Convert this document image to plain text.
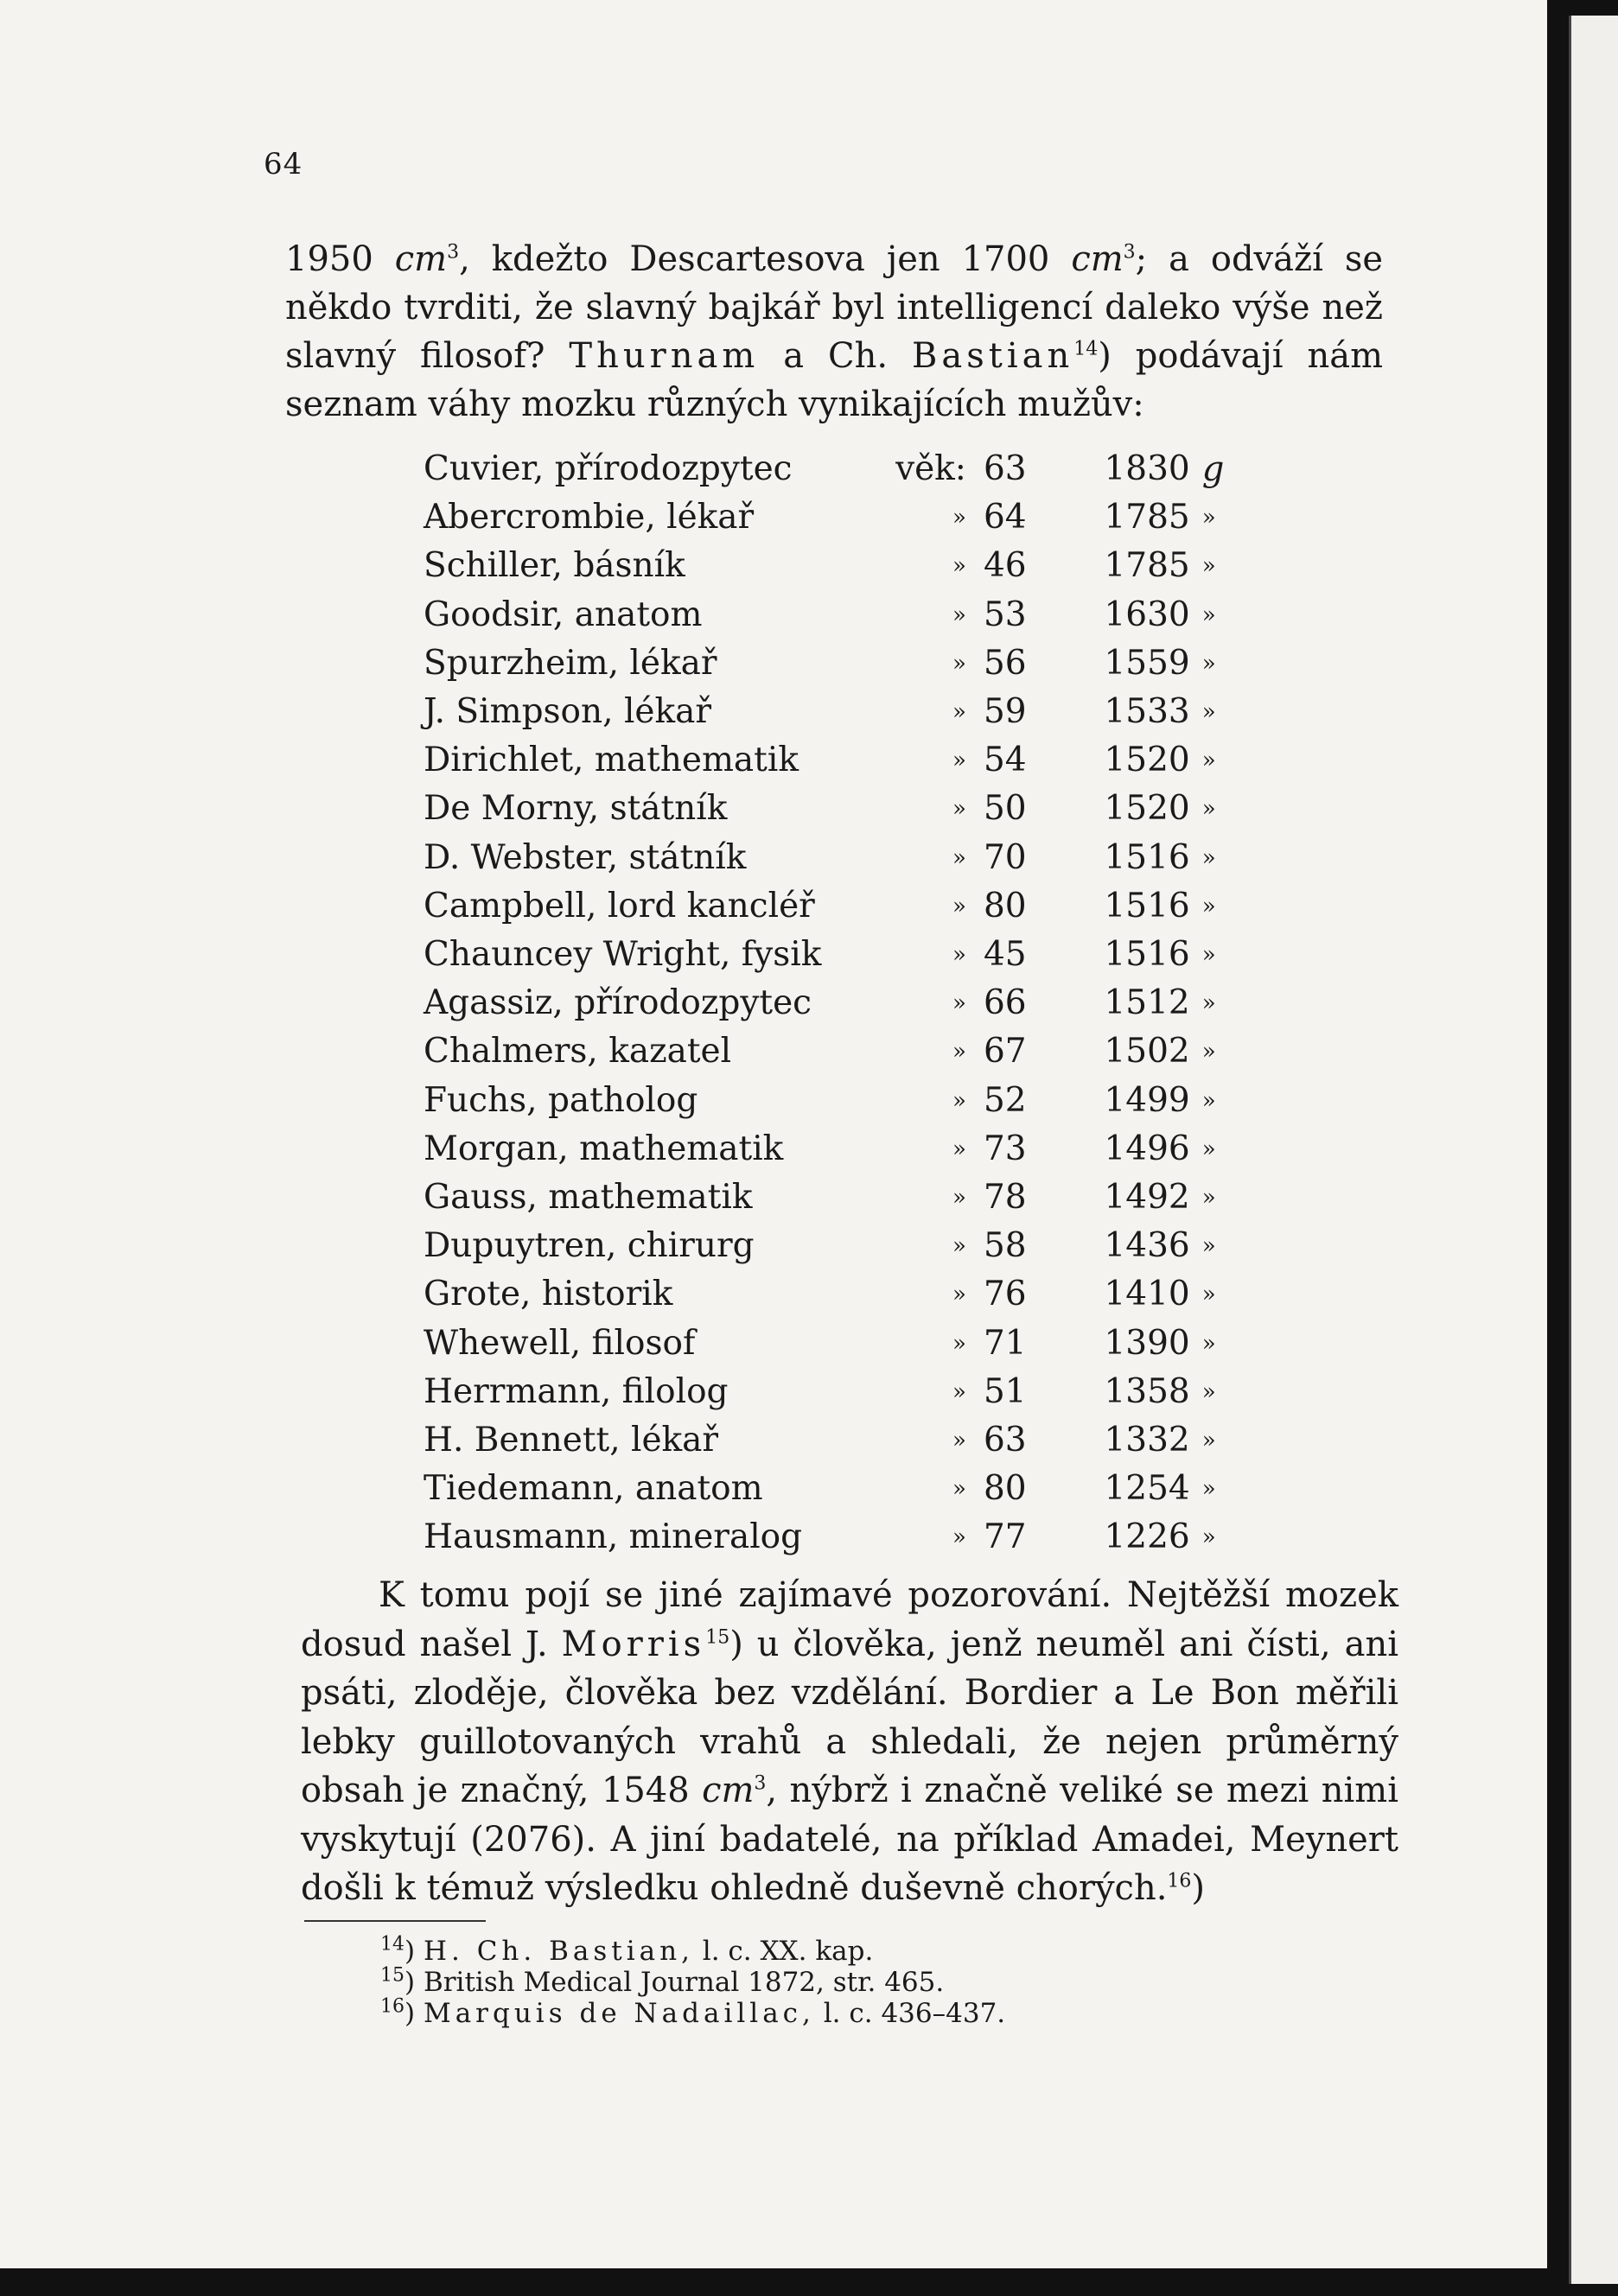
64

1950 $cm^3$, kdežto Descartesova jen 1700 $cm^3$; a odváží se někdo tvrditi, že slavný bajkář byl intelligencí daleko výše než slavný filosof? Thurnam a Ch. Bastian$^{14}$) podávají nám seznam váhy mozku různých vynikajících mužův:

Cuvier, přírodozpytec	věk:	63	1830	g
Abercrombie, lékař	»	64	1785	»
Schiller, básník	»	46	1785	»
Goodsir, anatom	»	53	1630	»
Spurzheim, lékař	»	56	1559	»
J. Simpson, lékař	»	59	1533	»
Dirichlet, mathematik	»	54	1520	»
De Morny, státník	»	50	1520	»
D. Webster, státník	»	70	1516	»
Campbell, lord kancléř	»	80	1516	»
Chauncey Wright, fysik	»	45	1516	»
Agassiz, přírodozpytec	»	66	1512	»
Chalmers, kazatel	»	67	1502	»
Fuchs, patholog	»	52	1499	»
Morgan, mathematik	»	73	1496	»
Gauss, mathematik	»	78	1492	»
Dupuytren, chirurg	»	58	1436	»
Grote, historik	»	76	1410	»
Whewell, filosof	»	71	1390	»
Herrmann, filolog	»	51	1358	»
H. Bennett, lékař	»	63	1332	»
Tiedemann, anatom	»	80	1254	»
Hausmann, mineralog	»	77	1226	»

K tomu pojí se jiné zajímavé pozorování. Nejtěžší mozek dosud našel J. Morris$^{15}$) u člověka, jenž neuměl ani čísti, ani psáti, zloděje, člověka bez vzdělání. Bordier a Le Bon měřili lebky guillotovaných vrahů a shledali, že nejen průměrný obsah je značný, 1548 $cm^3$, nýbrž i značně veliké se mezi nimi vyskytují (2076). A jiní badatelé, na příklad Amadei, Meynert došli k témuž výsledku ohledně duševně chorých.$^{16}$)

$^{14}$) H. Ch. Bastian, l. c. XX. kap.
$^{15}$) British Medical Journal 1872, str. 465.
$^{16}$) Marquis de Nadaillac, l. c. 436–437.
